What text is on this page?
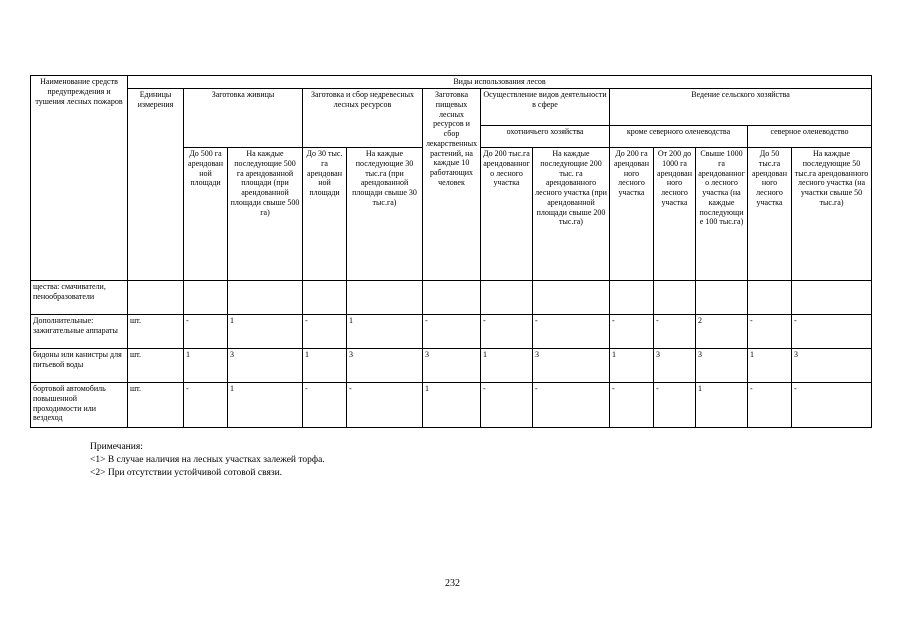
Наименование средств предупреждения и тушения лесных пожаров	Виды использования лесов												
	Единицы измерения	Заготовка живицы		Заготовка и сбор недревесных лесных ресурсов		Заготовка пищевых лесных ресурсов и сбор лекарственных растений, на каждые 10 работающих человек	Осуществление видов деятельности в сфере		Ведение сельского хозяйства				
							охотничьего хозяйства		кроме северного оленеводства			северное оленеводство	
		До 500 га арендованной площади	На каждые последующие 500 га арендованной площади (при арендованной площади свыше 500 га)	До 30 тыс. га арендованной площади	На каждые последующие 30 тыс.га (при арендованной площади свыше 30 тыс.га)		До 200 тыс.га арендованного лесного участка	На каждые последующие 200 тыс. га арендованного лесного участка (при арендованной площади свыше 200 тыс.га)	До 200 га арендованного лесного участка	От 200 до 1000 га арендованного лесного участка	Свыше 1000 га арендованного лесного участка (на каждые последующие 100 тыс.га)	До 50 тыс.га арендованного лесного участка	На каждые последующие 50 тыс.га арендованного лесного участка (на участки свыше 50 тыс.га)
щества: смачиватели, пенообразователи													
Дополнительные: зажигательные аппараты	шт.	-	1	-	1	-	-	-	-	-	2	-	-
бидоны или канистры для питьевой воды	шт.	1	3	1	3	3	1	3	1	3	3	1	3
бортовой автомобиль повышенной проходимости или вездеход	шт.	-	1	-	-	1	-	-	-	-	1	-	-
Примечания:
<1> В случае наличия на лесных участках залежей торфа.
<2> При отсутствии устойчивой сотовой связи.
232
